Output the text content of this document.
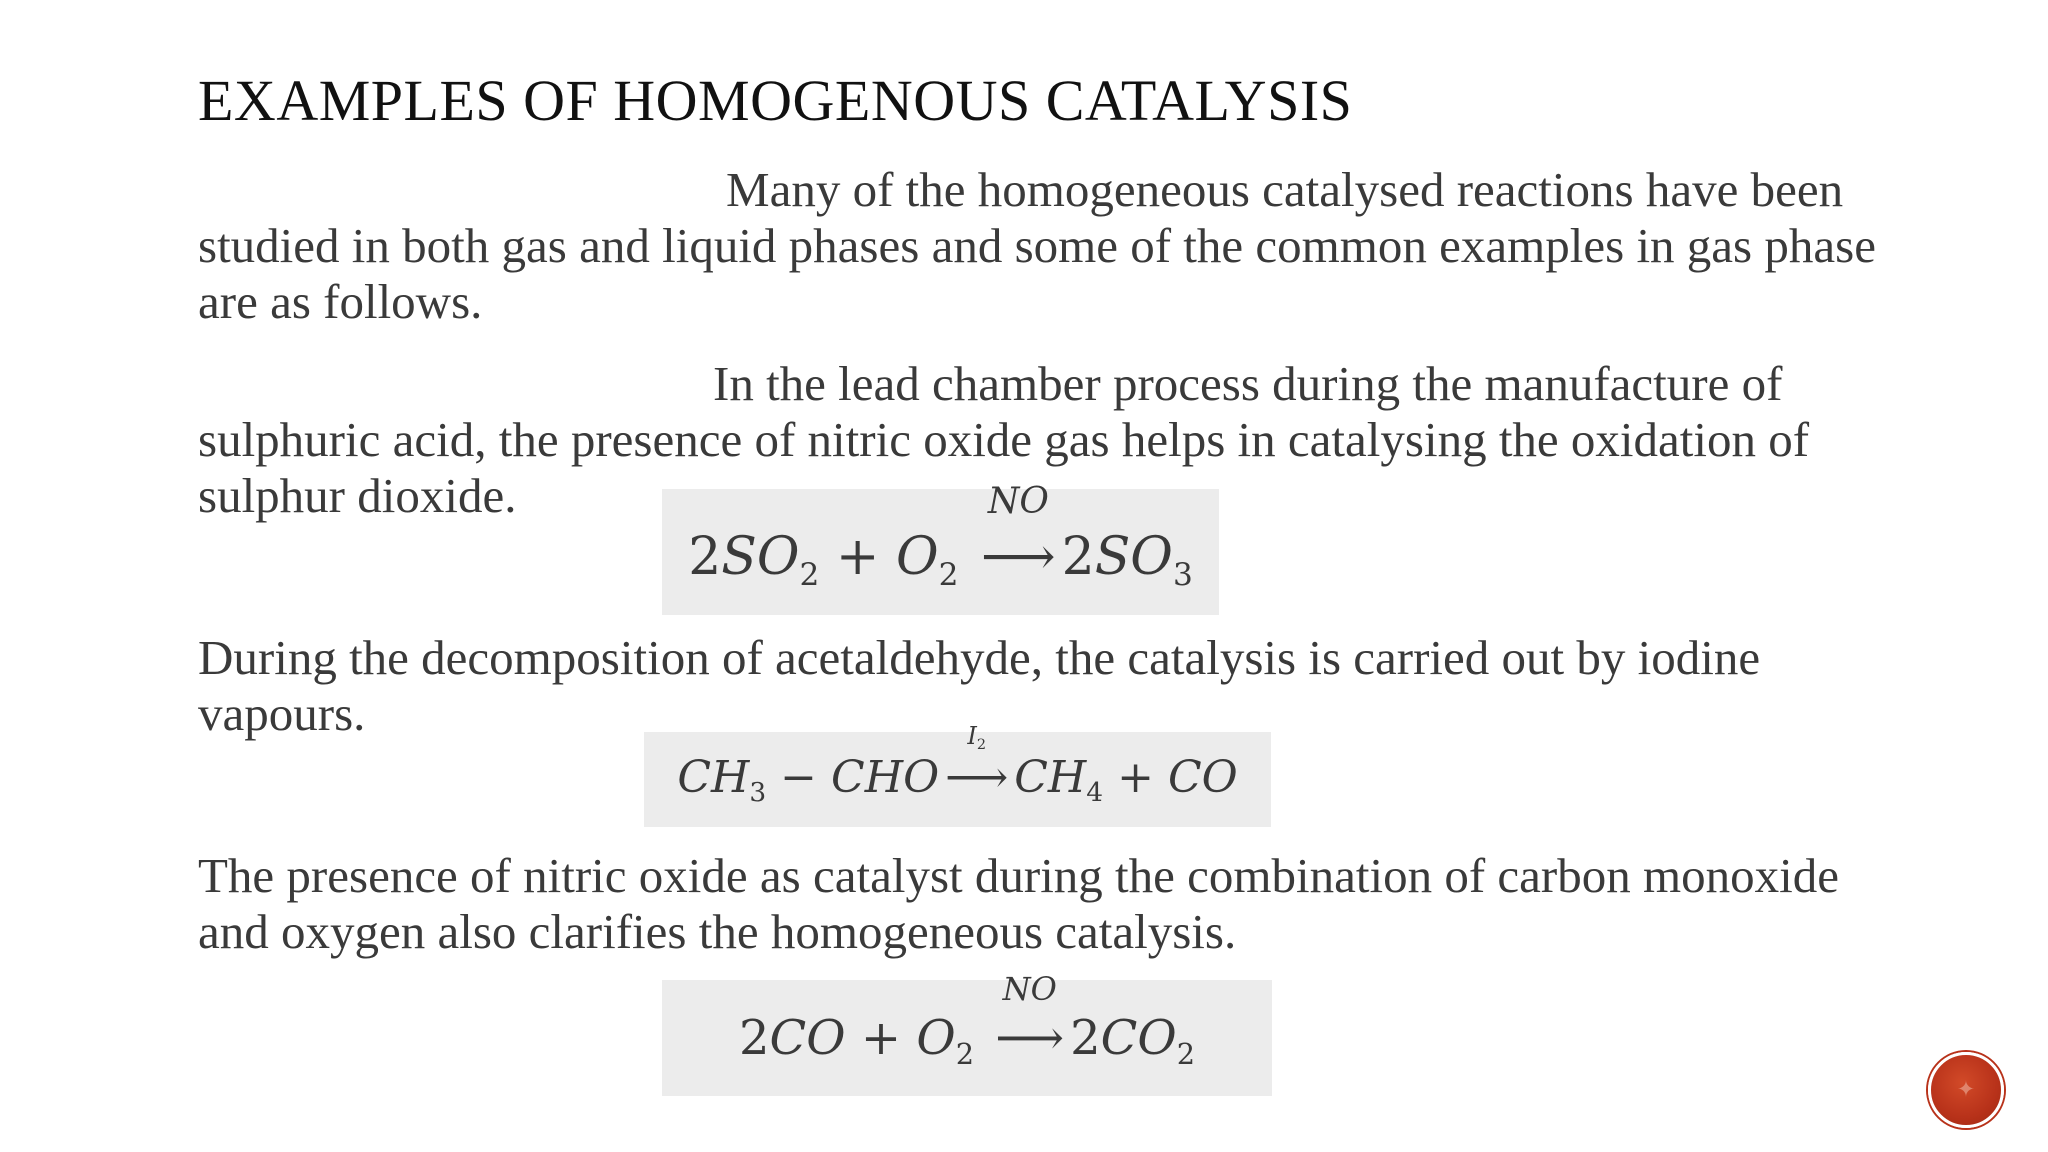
EXAMPLES OF HOMOGENOUS CATALYSIS

Many of the homogeneous catalysed reactions have been studied in both gas and liquid phases and some of the common examples in gas phase are as follows.

In the lead chamber process during the manufacture of sulphuric acid, the presence of nitric oxide gas helps in catalysing the oxidation of sulphur dioxide.

$2SO_2 + O_2$
NO
⟶ $2SO_3$

During the decomposition of acetaldehyde, the catalysis is carried out by iodine vapours.

$CH_3$ − CHO
$I_2$
⟶ $CH_4$ + CO

The presence of nitric oxide as catalyst during the combination of carbon monoxide and oxygen also clarifies the homogeneous catalysis.

$2CO + O_2$
NO
⟶ $2CO_2$
✦
